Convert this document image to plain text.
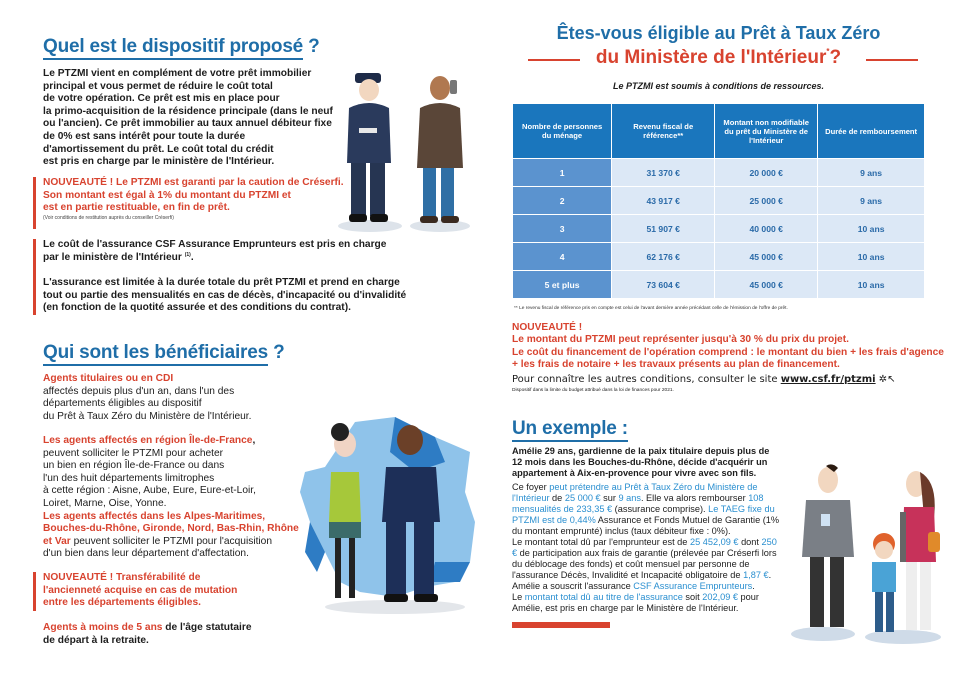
Quel est le dispositif proposé ?
Le PTZMI vient en complément de votre prêt immobilier
principal et vous permet de réduire le coût total
de votre opération. Ce prêt est mis en place pour
la primo-acquisition de la résidence principale (dans le neuf
ou l'ancien). Ce prêt immobilier au taux annuel débiteur fixe
de 0% est sans intérêt pour toute la durée
d'amortissement du prêt. Le coût total du crédit
est pris en charge par le ministère de l'Intérieur.
NOUVEAUTÉ ! Le PTZMI est garanti par la caution de Créserfi.
Son montant est égal à 1% du montant du PTZMI et
est en partie restituable, en fin de prêt.
(Voir conditions de restitution auprès du conseiller Créserfi)
Le coût de l'assurance CSF Assurance Emprunteurs est pris en charge
par le ministère de l'Intérieur $^{(1)}$.
L'assurance est limitée à la durée totale du prêt PTZMI et prend en charge
tout ou partie des mensualités en cas de décès, d'incapacité ou d'invalidité
(en fonction de la quotité assurée et des conditions du contrat).
Qui sont les bénéficiaires ?
Agents titulaires ou en CDI
affectés depuis plus d'un an, dans l'un des
départements éligibles au dispositif
du Prêt à Taux Zéro du Ministère de l'Intérieur.
Les agents affectés en région Île-de-France,
peuvent solliciter le PTZMI pour acheter
un bien en région Île-de-France ou dans
l'un des huit départements limitrophes
à cette région : Aisne, Aube, Eure, Eure-et-Loir,
Loiret, Marne, Oise, Yonne.
Les agents affectés dans les Alpes-Maritimes,
Bouches-du-Rhône, Gironde, Nord, Bas-Rhin, Rhône
et Var peuvent solliciter le PTZMI pour l'acquisition
d'un bien dans leur département d'affectation.
NOUVEAUTÉ ! Transférabilité de
l'ancienneté acquise en cas de mutation
entre les départements éligibles.
Agents à moins de 5 ans de l'âge statutaire
de départ à la retraite.
Êtes-vous éligible au Prêt à Taux Zéro
du Ministère de l'Intérieur*?
Le PTZMI est soumis à conditions de ressources.
Nombre de personnes du ménage	Revenu fiscal de référence**	Montant non modifiable du prêt du Ministère de l'Intérieur	Durée de remboursement
1	31 370 €	20 000 €	9 ans
2	43 917 €	25 000 €	9 ans
3	51 907 €	40 000 €	10 ans
4	62 176 €	45 000 €	10 ans
5 et plus	73 604 €	45 000 €	10 ans
** Le revenu fiscal de référence pris en compte est celui de l'avant dernière année précédant celle de l'émission de l'offre de prêt.
NOUVEAUTÉ !
Le montant du PTZMI peut représenter jusqu'à 30 % du prix du projet.
Le coût du financement de l'opération comprend : le montant du bien + les frais d'agence
+ les frais de notaire + les travaux présents au plan de financement.
Pour connaître les autres conditions, consulter le site www.csf.fr/ptzmi ✲↖
Dispositif dans la limite du budget attribué dans la loi de finances pour 2021.
Un exemple :
Amélie 29 ans, gardienne de la paix titulaire depuis plus de
12 mois dans les Bouches-du-Rhône, décide d'acquérir un
appartement à Aix-en-provence pour vivre avec son fils.
Ce foyer peut prétendre au Prêt à Taux Zéro du Ministère de l'Intérieur de 25 000 € sur 9 ans. Elle va alors rembourser 108 mensualités de 233,35 € (assurance comprise). Le TAEG fixe du PTZMI est de 0,44% Assurance et Fonds Mutuel de Garantie (1% du montant emprunté) inclus (taux débiteur fixe : 0%).
Le montant total dû par l'emprunteur est de 25 452,09 € dont 250 € de participation aux frais de garantie (prélevée par Créserfi lors du déblocage des fonds) et coût mensuel par personne de l'assurance Décès, Invalidité et Incapacité obligatoire de 1,87 €.
Amélie a souscrit l'assurance CSF Assurance Emprunteurs.
Le montant total dû au titre de l'assurance soit 202,09 € pour Amélie, est pris en charge par le Ministère de l'Intérieur.
